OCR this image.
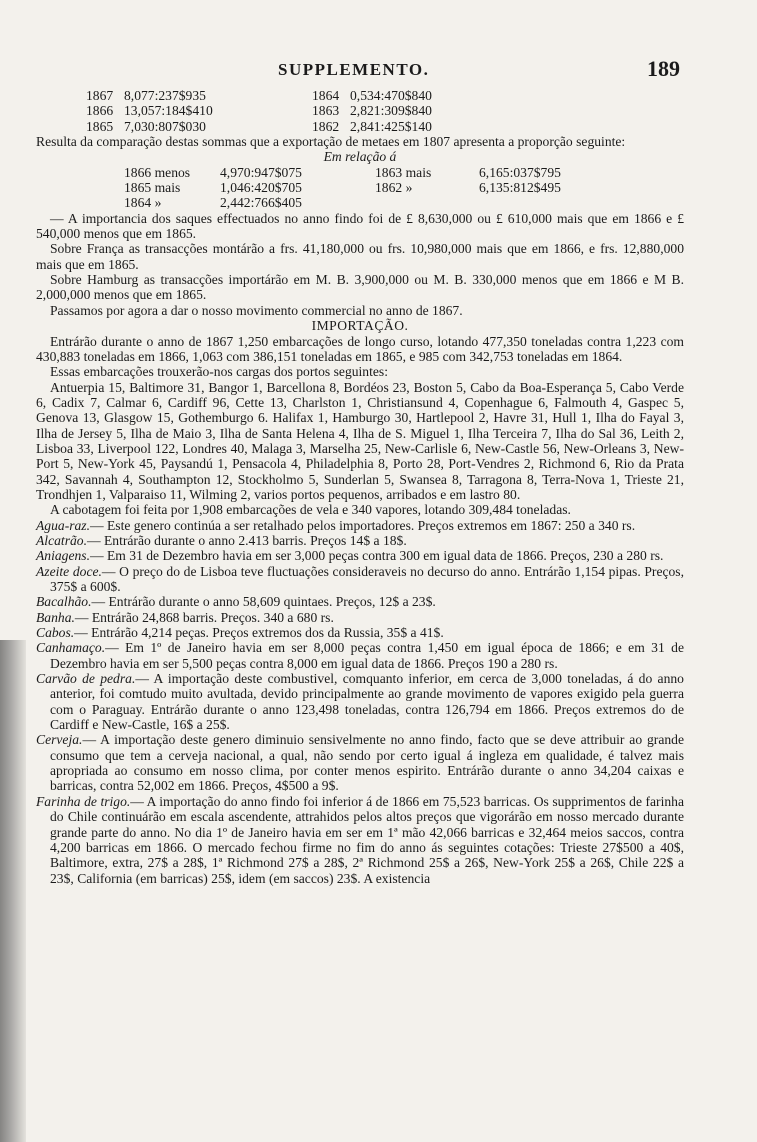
SUPPLEMENTO.	189
1867 8,077:237$935	1864 0,534:470$840
1866 13,057:184$410	1863 2,821:309$840
1865 7,030:807$030	1862 2,841:425$140

Resulta da comparação destas sommas que a exportação de metaes em 1807 apresenta a proporção seguinte:

Em relação á
1866 menos	4,970:947$075	1863 mais	6,165:037$795
1865 mais	1,046:420$705	1862 »	6,135:812$495
1864 »	2,442:766$405

— A importancia dos saques effectuados no anno findo foi de £ 8,630,000 ou £ 610,000 mais que em 1866 e £ 540,000 menos que em 1865.

Sobre França as transacções montárão a frs. 41,180,000 ou frs. 10,980,000 mais que em 1866, e frs. 12,880,000 mais que em 1865.

Sobre Hamburg as transacções importárão em M. B. 3,900,000 ou M. B. 330,000 menos que em 1866 e M B. 2,000,000 menos que em 1865.

Passamos por agora a dar o nosso movimento commercial no anno de 1867.

IMPORTAÇÃO.

Entrárão durante o anno de 1867 1,250 embarcações de longo curso, lotando 477,350 toneladas contra 1,223 com 430,883 toneladas em 1866, 1,063 com 386,151 toneladas em 1865, e 985 com 342,753 toneladas em 1864.

Essas embarcações trouxerão-nos cargas dos portos seguintes:

Antuerpia 15, Baltimore 31, Bangor 1, Barcellona 8, Bordéos 23, Boston 5, Cabo da Boa-Esperança 5, Cabo Verde 6, Cadix 7, Calmar 6, Cardiff 96, Cette 13, Charlston 1, Christiansund 4, Copenhague 6, Falmouth 4, Gaspec 5, Genova 13, Glasgow 15, Gothemburgo 6. Halifax 1, Hamburgo 30, Hartlepool 2, Havre 31, Hull 1, Ilha do Fayal 3, Ilha de Jersey 5, Ilha de Maio 3, Ilha de Santa Helena 4, Ilha de S. Miguel 1, Ilha Terceira 7, Ilha do Sal 36, Leith 2, Lisboa 33, Liverpool 122, Londres 40, Malaga 3, Marselha 25, New-Carlisle 6, New-Castle 56, New-Orleans 3, New-Port 5, New-York 45, Paysandú 1, Pensacola 4, Philadelphia 8, Porto 28, Port-Vendres 2, Richmond 6, Rio da Prata 342, Savannah 4, Southampton 12, Stockholmo 5, Sunderlan 5, Swansea 8, Tarragona 8, Terra-Nova 1, Trieste 21, Trondhjen 1, Valparaiso 11, Wilming 2, varios portos pequenos, arribados e em lastro 80.

A cabotagem foi feita por 1,908 embarcações de vela e 340 vapores, lotando 309,484 toneladas.

Agua-raz.— Este genero continúa a ser retalhado pelos importadores. Preços extremos em 1867: 250 a 340 rs.

Alcatrão.— Entrárão durante o anno 2.413 barris. Preços 14$ a 18$.

Aniagens.— Em 31 de Dezembro havia em ser 3,000 peças contra 300 em igual data de 1866. Preços, 230 a 280 rs.

Azeite doce.— O preço do de Lisboa teve fluctuações consideraveis no decurso do anno. Entrárão 1,154 pipas. Preços, 375$ a 600$.

Bacalhão.— Entrárão durante o anno 58,609 quintaes. Preços, 12$ a 23$.

Banha.— Entrárão 24,868 barris. Preços. 340 a 680 rs.

Cabos.— Entrárão 4,214 peças. Preços extremos dos da Russia, 35$ a 41$.

Canhamaço.— Em 1º de Janeiro havia em ser 8,000 peças contra 1,450 em igual época de 1866; e em 31 de Dezembro havia em ser 5,500 peças contra 8,000 em igual data de 1866. Preços 190 a 280 rs.

Carvão de pedra.— A importação deste combustivel, comquanto inferior, em cerca de 3,000 toneladas, á do anno anterior, foi comtudo muito avultada, devido principalmente ao grande movimento de vapores exigido pela guerra com o Paraguay. Entrárão durante o anno 123,498 toneladas, contra 126,794 em 1866. Preços extremos do de Cardiff e New-Castle, 16$ a 25$.

Cerveja.— A importação deste genero diminuio sensivelmente no anno findo, facto que se deve attribuir ao grande consumo que tem a cerveja nacional, a qual, não sendo por certo igual á ingleza em qualidade, é talvez mais apropriada ao consumo em nosso clima, por conter menos espirito. Entrárão durante o anno 34,204 caixas e barricas, contra 52,002 em 1866. Preços, 4$500 a 9$.

Farinha de trigo.— A importação do anno findo foi inferior á de 1866 em 75,523 barricas. Os supprimentos de farinha do Chile continuárão em escala ascendente, attrahidos pelos altos preços que vigorárão em nosso mercado durante grande parte do anno. No dia 1º de Janeiro havia em ser em 1ª mão 42,066 barricas e 32,464 meios saccos, contra 4,200 barricas em 1866. O mercado fechou firme no fim do anno ás seguintes cotações: Trieste 27$500 a 40$, Baltimore, extra, 27$ a 28$, 1ª Richmond 27$ a 28$, 2ª Richmond 25$ a 26$, New-York 25$ a 26$, Chile 22$ a 23$, California (em barricas) 25$, idem (em saccos) 23$. A existencia
